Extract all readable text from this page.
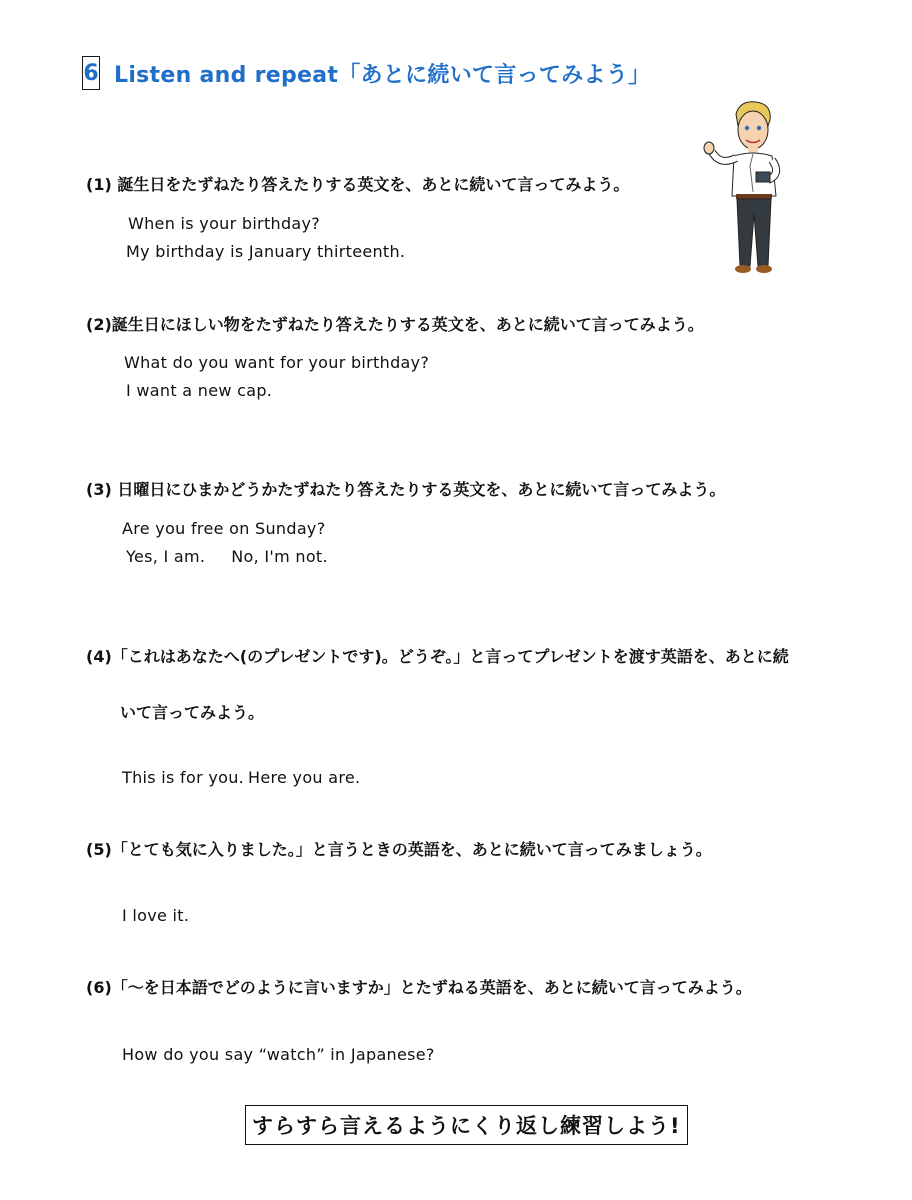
6 Listen and repeat「あとに続いて言ってみよう」
(1) 誕生日をたずねたり答えたりする英文を、あとに続いて言ってみよう。
When is your birthday?
My birthday is January thirteenth.
(2)誕生日にほしい物をたずねたり答えたりする英文を、あとに続いて言ってみよう。
What do you want for your birthday?
I want a new cap.
(3) 日曜日にひまかどうかたずねたり答えたりする英文を、あとに続いて言ってみよう。
Are you free on Sunday?
Yes, I am. No, I'm not.
(4)「これはあなたへ(のプレゼントです)。どうぞ。」と言ってプレゼントを渡す英語を、あとに続
いて言ってみよう。
This is for you. Here you are.
(5)「とても気に入りました。」と言うときの英語を、あとに続いて言ってみましょう。
I love it.
(6)「〜を日本語でどのように言いますか」とたずねる英語を、あとに続いて言ってみよう。
How do you say “watch” in Japanese?
すらすら言えるようにくり返し練習しよう!
